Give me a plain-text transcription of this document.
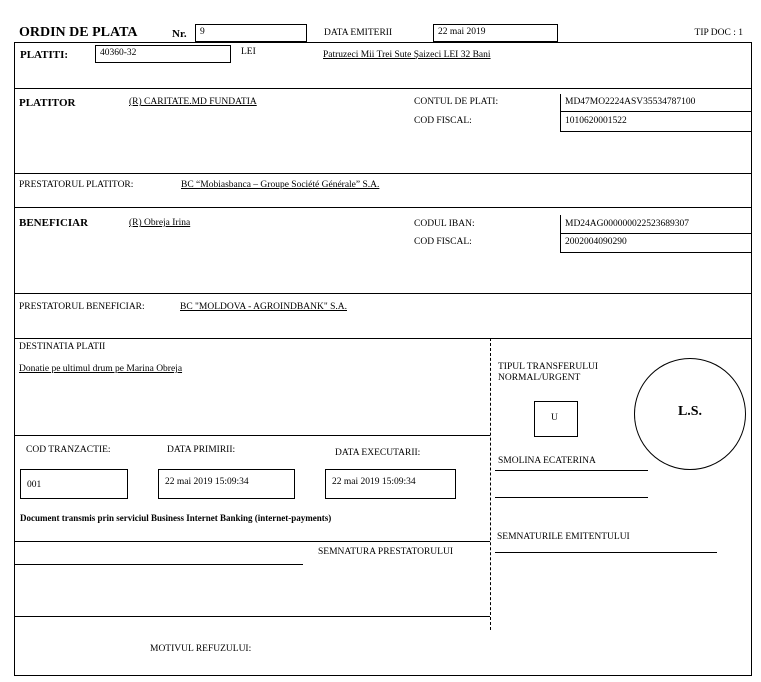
ORDIN DE PLATA	Nr.	9	DATA EMITERII	22 mai 2019	TIP DOC : 1
PLATITI:	40360-32	LEI	Patruzeci Mii Trei Sute Şaizeci LEI 32 Bani
PLATITOR	(R) CARITATE.MD FUNDATIA	CONTUL DE PLATI:	MD47MO2224ASV35534787100
COD FISCAL:	1010620001522
PRESTATORUL PLATITOR:	BC “Mobiasbanca – Groupe Société Générale” S.A.
BENEFICIAR	(R) Obreja Irina	CODUL IBAN:	MD24AG000000022523689307
COD FISCAL:	2002004090290
PRESTATORUL BENEFICIAR:	BC "MOLDOVA - AGROINDBANK" S.A.
DESTINATIA PLATII
Donatie pe ultimul drum pe Marina Obreja	TIPUL TRANSFERULUI
NORMAL/URGENT
U	L.S.
COD TRANZACTIE:	DATA PRIMIRII:	DATA EXECUTARII:
001	22 mai 2019 15:09:34	22 mai 2019 15:09:34
SMOLINA ECATERINA
Document transmis prin serviciul Business Internet Banking (internet-payments)
SEMNATURA PRESTATORULUI
SEMNATURILE EMITENTULUI
MOTIVUL REFUZULUI:
